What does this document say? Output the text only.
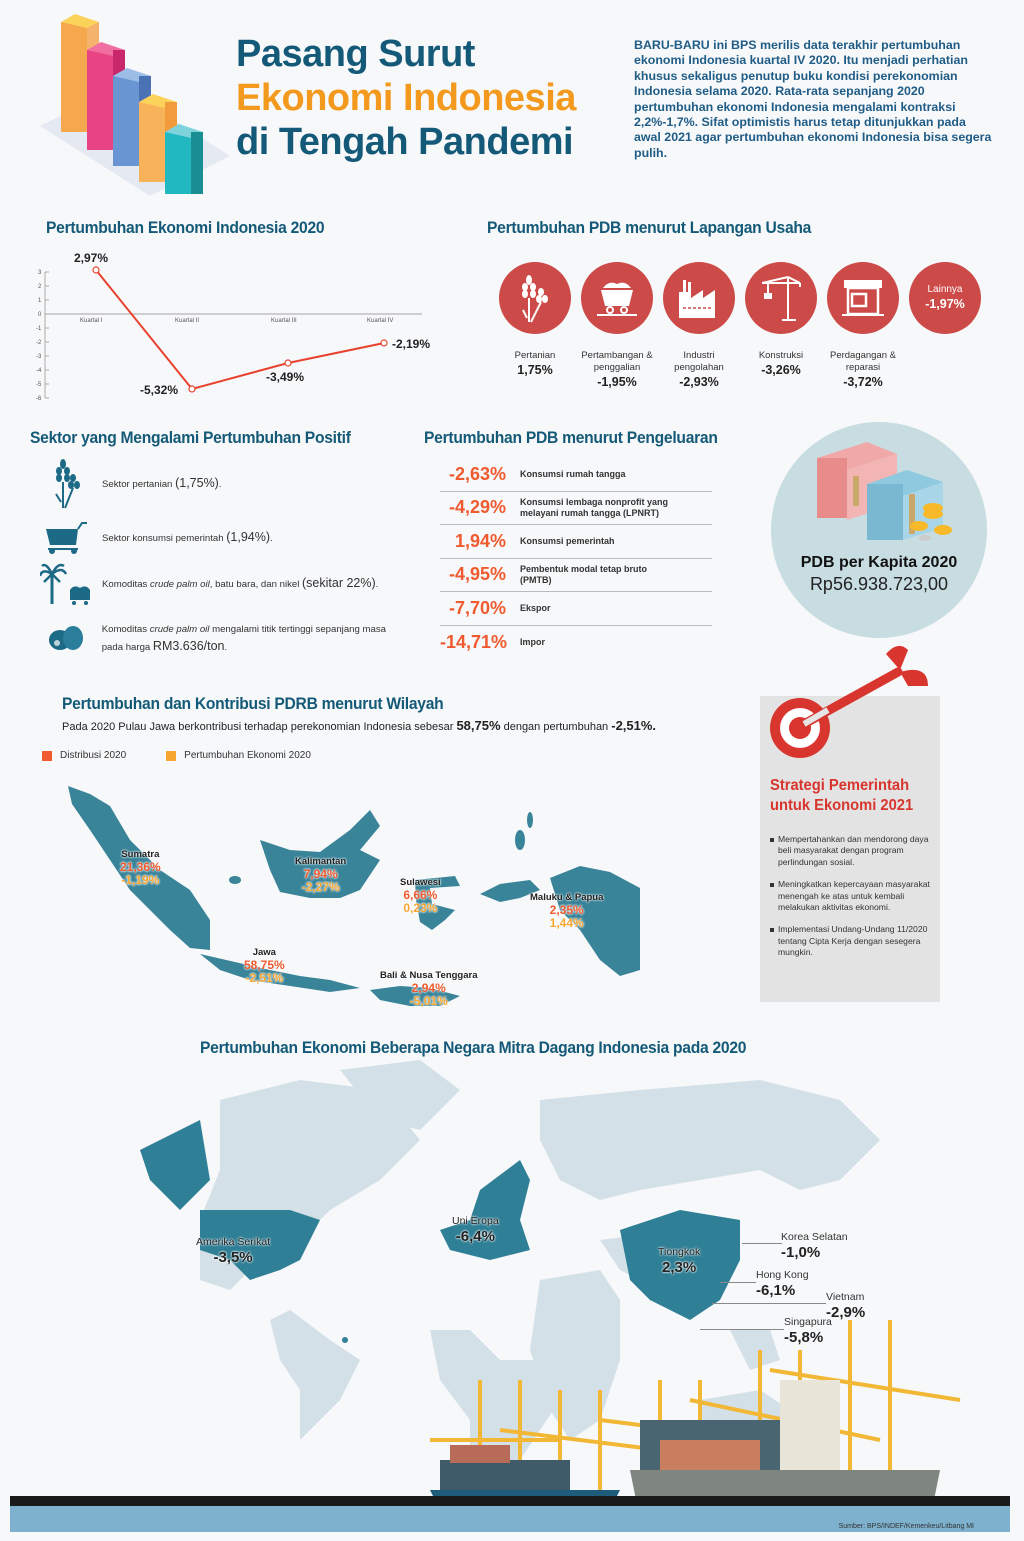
Pasang Surut
Ekonomi Indonesia
di Tengah Pandemi
BARU-BARU ini BPS merilis data terakhir pertumbuhan ekonomi Indonesia kuartal IV 2020. Itu menjadi perhatian khusus sekaligus penutup buku kondisi perekonomian Indonesia selama 2020. Rata-rata sepanjang 2020 pertumbuhan ekonomi Indonesia mengalami kontraksi 2,2%-1,7%. Sifat optimistis harus tetap ditunjukkan pada awal 2021 agar pertumbuhan ekonomi Indonesia bisa segera pulih.
Pertumbuhan Ekonomi Indonesia 2020
3
2
1
0
-1
-2
-3
-4
-5
-6
Kuartal I	Kuartal II	Kuartal III	Kuartal IV
2,97%
-5,32%
-3,49%
-2,19%
Pertumbuhan PDB menurut Lapangan Usaha
Pertanian
1,75%
Pertambangan & penggalian
-1,95%
Industri pengolahan
-2,93%
Konstruksi
-3,26%
Perdagangan & reparasi
-3,72%
Lainnya
-1,97%
Sektor yang Mengalami Pertumbuhan Positif
Sektor pertanian (1,75%).
Sektor konsumsi pemerintah (1,94%).
Komoditas crude palm oil, batu bara, dan nikel (sekitar 22%).
Komoditas crude palm oil mengalami titik tertinggi sepanjang masa pada harga RM3.636/ton.
Pertumbuhan PDB menurut Pengeluaran
-2,63%	Konsumsi rumah tangga
-4,29%	Konsumsi lembaga nonprofit yang melayani rumah tangga (LPNRT)
1,94%	Konsumsi pemerintah
-4,95%	Pembentuk modal tetap bruto (PMTB)
-7,70%	Ekspor
-14,71%	Impor
PDB per Kapita 2020
Rp56.938.723,00
Pertumbuhan dan Kontribusi PDRB menurut Wilayah
Pada 2020 Pulau Jawa berkontribusi terhadap perekonomian Indonesia sebesar 58,75% dengan pertumbuhan -2,51%.
Distribusi 2020	Pertumbuhan Ekonomi 2020
Sumatra
21,36%
-1,19%
Kalimantan
7,94%
-2,27%	Sulawesi
6,66%
0,23%
Maluku & Papua
2,35%
1,44%
Jawa
58,75%
-2,51%	Bali & Nusa Tenggara
2,94%
-5,01%
Strategi Pemerintah
untuk Ekonomi 2021
Mempertahankan dan mendorong daya beli masyarakat dengan program perlindungan sosial.
Meningkatkan kepercayaan masyarakat menengah ke atas untuk kembali melakukan aktivitas ekonomi.
Implementasi Undang-Undang 11/2020 tentang Cipta Kerja dengan sesegera mungkin.
Pertumbuhan Ekonomi Beberapa Negara Mitra Dagang Indonesia pada 2020
Amerika Serikat
-3,5%
Uni Eropa
-6,4%
Tiongkok
2,3%
Korea Selatan
-1,0%
Hong Kong
-6,1%	Vietnam
-2,9%
Singapura
-5,8%
Sumber: BPS/INDEF/Kemenkeu/Litbang MI
